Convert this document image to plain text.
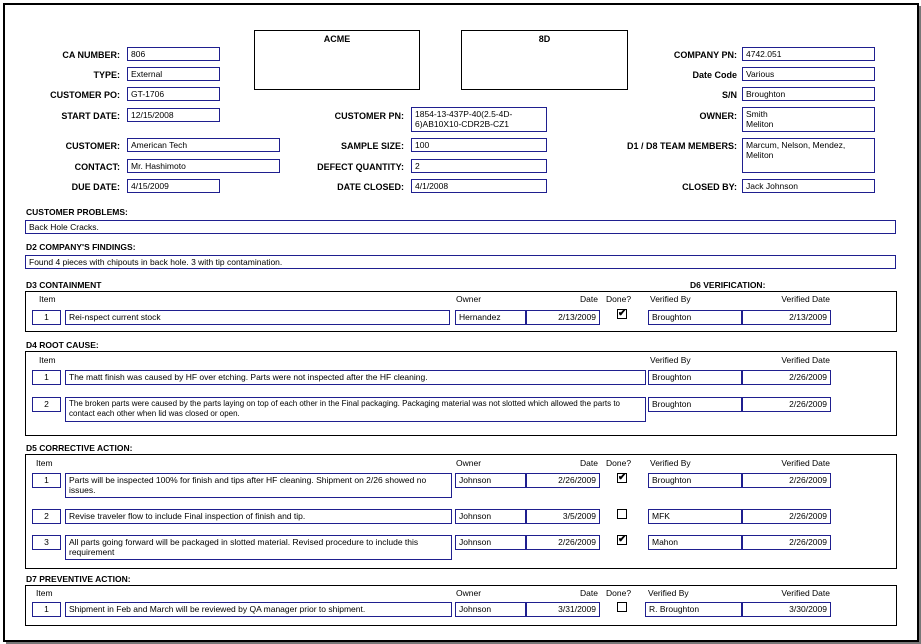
ACME	8D
CA NUMBER:	806
TYPE:	External
CUSTOMER PO:	GT-1706
START DATE:	12/15/2008
CUSTOMER:	American Tech
CONTACT:	Mr. Hashimoto
DUE DATE:	4/15/2009
CUSTOMER PN:	1854-13-437P-40(2.5-4D-
6)AB10X10-CDR2B-CZ1
SAMPLE SIZE:	100
DEFECT QUANTITY:	2
DATE CLOSED:	4/1/2008
COMPANY PN:	4742.051
Date Code	Various
S/N	Broughton
OWNER:	Smith
Meliton
D1 / D8 TEAM MEMBERS:	Marcum, Nelson, Mendez,
Meliton
CLOSED BY:	Jack Johnson
CUSTOMER PROBLEMS:
Back Hole Cracks.
D2 COMPANY'S FINDINGS:
Found 4 pieces with chipouts in back hole. 3 with tip contamination.
D3 CONTAINMENT	D6 VERIFICATION:
Item	Owner	Date Done? Verified By	Verified Date
1	Rei-nspect current stock	Hernandez	2/13/2009	✔	Broughton	2/13/2009
D4 ROOT CAUSE:
Item	Verified By	Verified Date
1	The matt finish was caused by HF over etching. Parts were not inspected after the HF cleaning.	Broughton	2/26/2009
2	The broken parts were caused by the parts laying on top of each other in the Final packaging. Packaging material was not slotted which allowed the parts to contact each other when lid was closed or open.
Broughton	2/26/2009
D5 CORRECTIVE ACTION:
Item	Owner	Date Done? Verified By	Verified Date
1	Parts will be inspected 100% for finish and tips after HF cleaning. Shipment on 2/26 showed no issues.
Johnson	2/26/2009	✔	Broughton	2/26/2009
2	Revise traveler flow to include Final inspection of finish and tip.	Johnson	3/5/2009	MFK	2/26/2009
3	All parts going forward will be packaged in slotted material. Revised procedure to include this requirement
Johnson	2/26/2009	✔	Mahon	2/26/2009
D7 PREVENTIVE ACTION:
Item	Owner	Date Done? Verified By	Verified Date
1	Shipment in Feb and March will be reviewed by QA manager prior to shipment.	Johnson	3/31/2009	R. Broughton	3/30/2009
